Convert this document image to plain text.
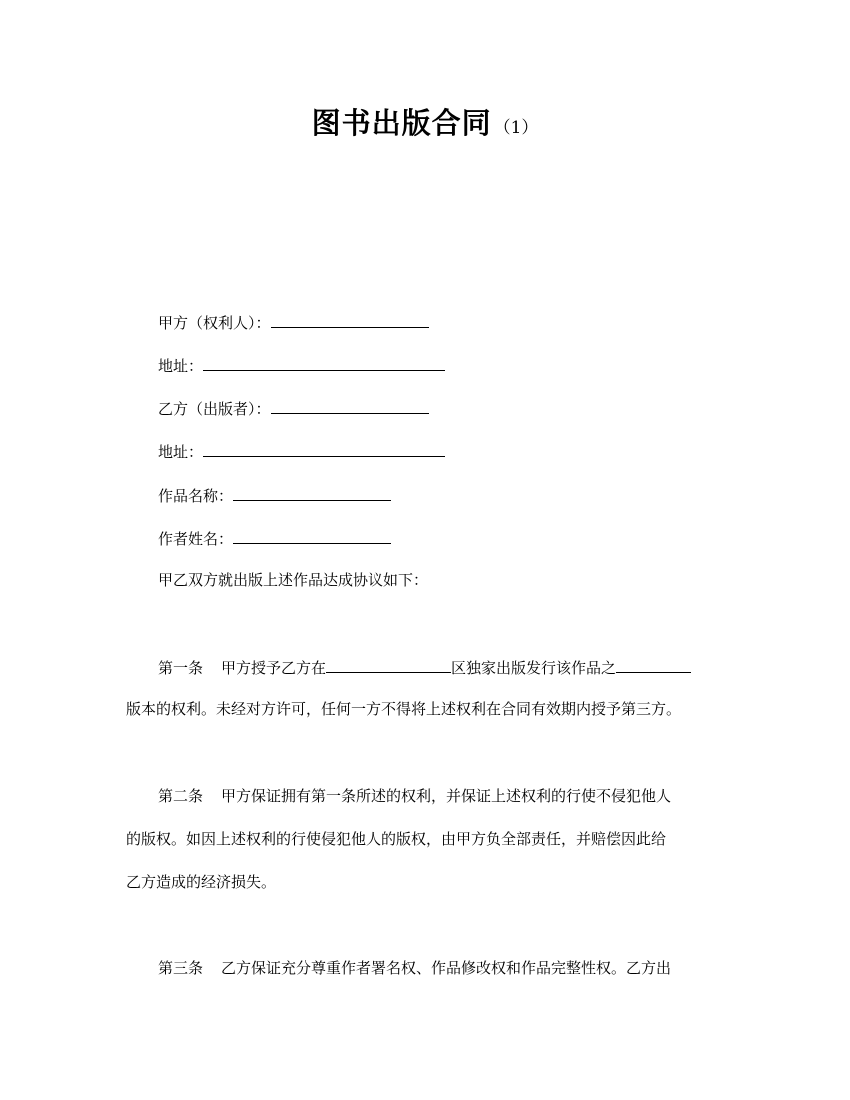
图书出版合同 （1）
甲方（权利人）：
地址：
乙方（出版者）：
地址：
作品名称：
作者姓名：
甲乙双方就出版上述作品达成协议如下：
第一条 甲方授予乙方在	区独家出版发行该作品之
版本的权利。未经对方许可，任何一方不得将上述权利在合同有效期内授予第三方。
第二条 甲方保证拥有第一条所述的权利，并保证上述权利的行使不侵犯他人
的版权。如因上述权利的行使侵犯他人的版权，由甲方负全部责任，并赔偿因此给
乙方造成的经济损失。
第三条 乙方保证充分尊重作者署名权、作品修改权和作品完整性权。乙方出
